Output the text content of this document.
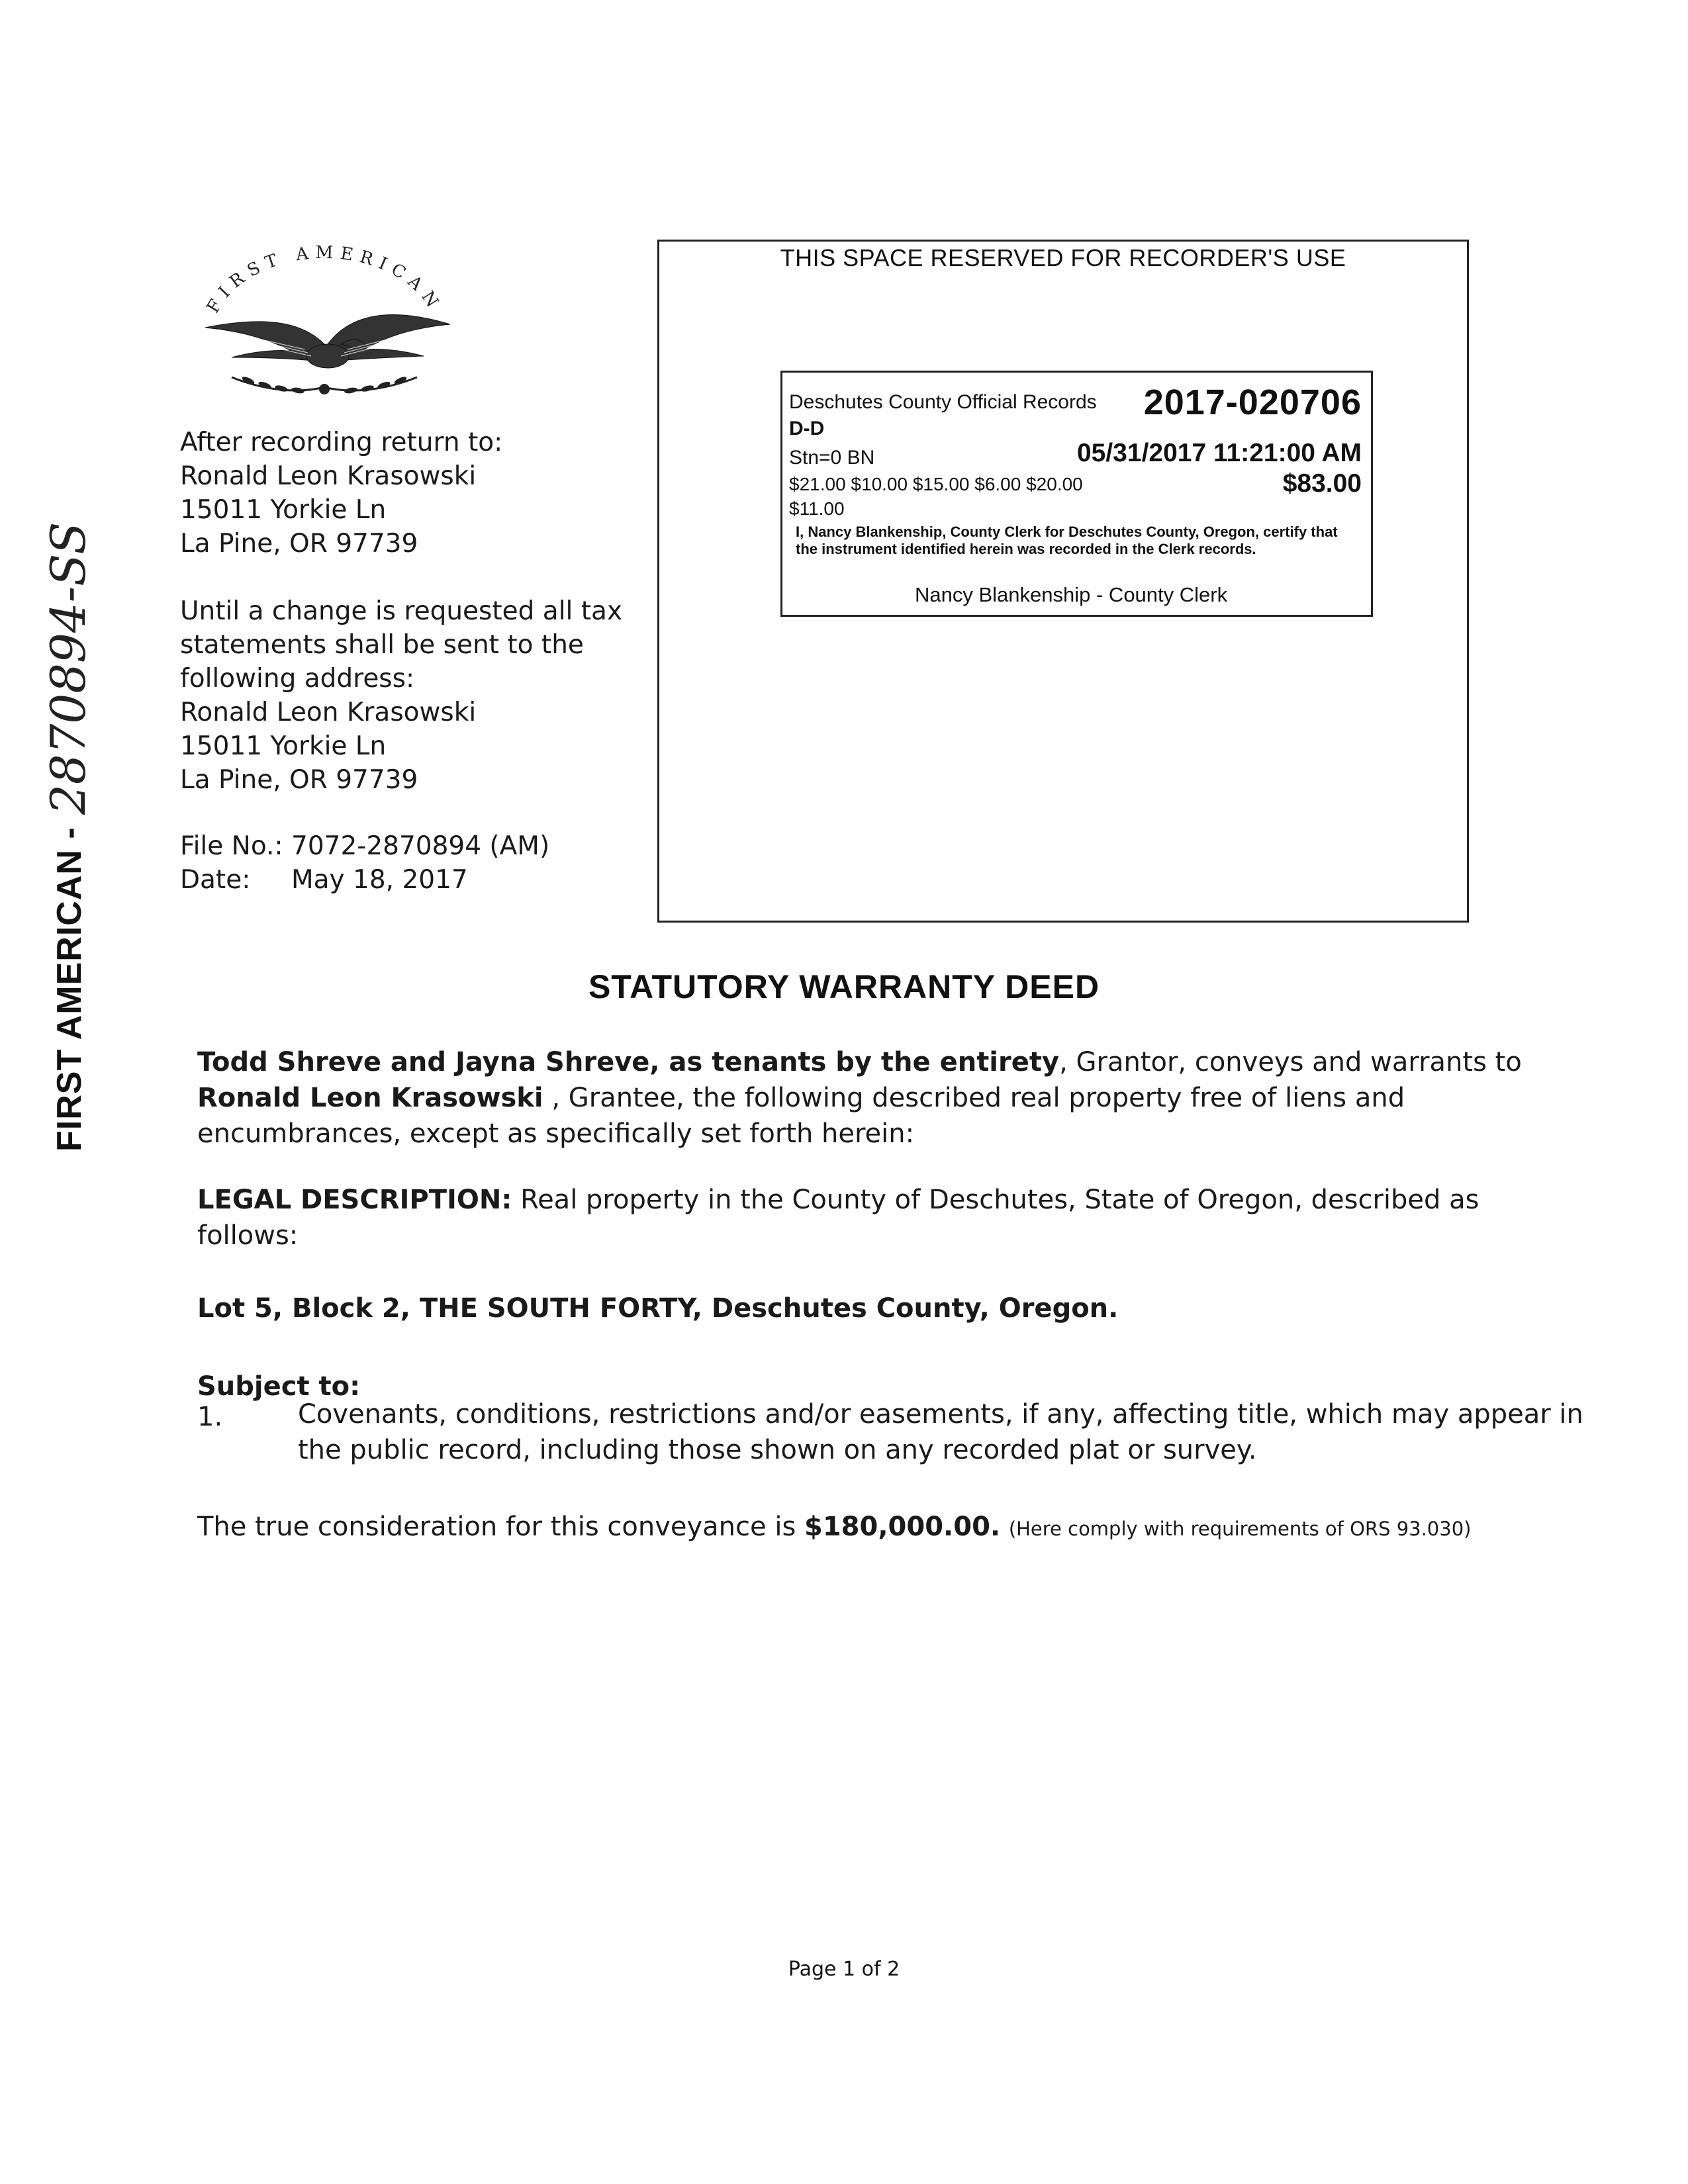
FIRST AMERICAN
FIRST AMERICAN -
2870894-SS
After recording return to:
Ronald Leon Krasowski
15011 Yorkie Ln
La Pine, OR 97739
Until a change is requested all tax
statements shall be sent to the
following address:
Ronald Leon Krasowski
15011 Yorkie Ln
La Pine, OR 97739
File No.: 7072-2870894 (AM)
Date: May 18, 2017
THIS SPACE RESERVED FOR RECORDER'S USE
Deschutes County Official Records 2017-020706
D-D
Stn=0 BN	05/31/2017 11:21:00 AM
$21.00 $10.00 $15.00 $6.00 $20.00	$83.00
$11.00
I, Nancy Blankenship, County Clerk for Deschutes County, Oregon, certify that the instrument identified herein was recorded in the Clerk records.
Nancy Blankenship - County Clerk
STATUTORY WARRANTY DEED
Todd Shreve and Jayna Shreve, as tenants by the entirety, Grantor, conveys and warrants to
Ronald Leon Krasowski , Grantee, the following described real property free of liens and
encumbrances, except as specifically set forth herein:
LEGAL DESCRIPTION: Real property in the County of Deschutes, State of Oregon, described as
follows:
Lot 5, Block 2, THE SOUTH FORTY, Deschutes County, Oregon.
Subject to:
1.	Covenants, conditions, restrictions and/or easements, if any, affecting title, which may appear in
the public record, including those shown on any recorded plat or survey.
The true consideration for this conveyance is $180,000.00. (Here comply with requirements of ORS 93.030)
Page 1 of 2
